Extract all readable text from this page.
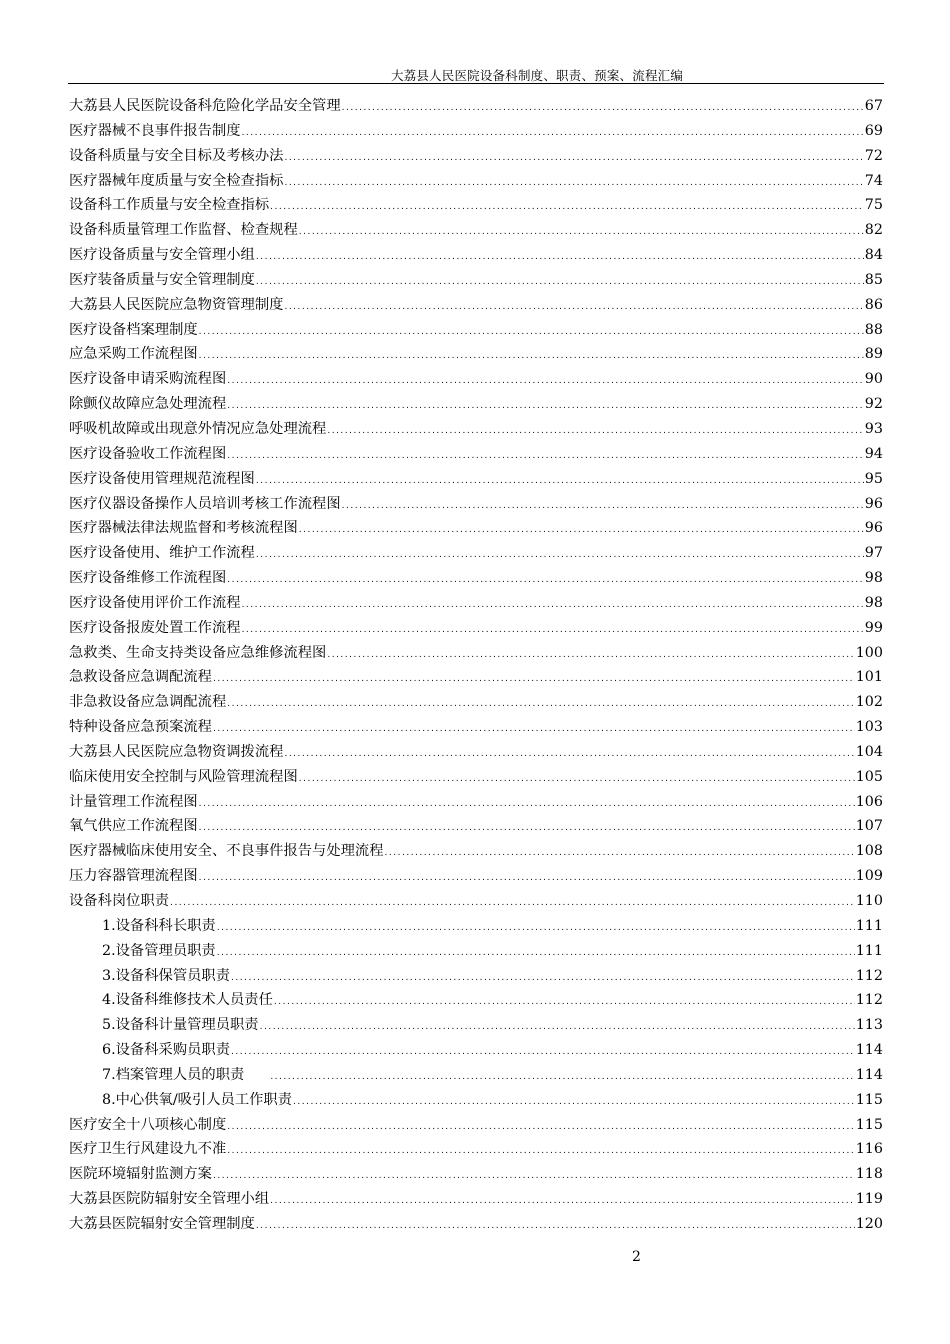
大荔县人民医院设备科制度、职责、预案、流程汇编
大荔县人民医院设备科危险化学品安全管理 .....	67
医疗器械不良事件报告制度 .....	69
设备科质量与安全目标及考核办法 .....	72
医疗器械年度质量与安全检查指标 .....	74
设备科工作质量与安全检查指标 .....	75
设备科质量管理工作监督、检查规程 .....	82
医疗设备质量与安全管理小组 .....	84
医疗装备质量与安全管理制度 .....	85
大荔县人民医院应急物资管理制度 .....	86
医疗设备档案理制度 .....	88
应急采购工作流程图 .....	89
医疗设备申请采购流程图 .....	90
除颤仪故障应急处理流程 .....	92
呼吸机故障或出现意外情况应急处理流程 .....	93
医疗设备验收工作流程图 .....	94
医疗设备使用管理规范流程图 .....	95
医疗仪器设备操作人员培训考核工作流程图 .....	96
医疗器械法律法规监督和考核流程图 .....	96
医疗设备使用、维护工作流程 .....	97
医疗设备维修工作流程图 .....	98
医疗设备使用评价工作流程 .....	98
医疗设备报废处置工作流程 .....	99
急救类、生命支持类设备应急维修流程图 .....	100
急救设备应急调配流程 .....	101
非急救设备应急调配流程 .....	102
特种设备应急预案流程 .....	103
大荔县人民医院应急物资调拨流程 .....	104
临床使用安全控制与风险管理流程图 .....	105
计量管理工作流程图 .....	106
氧气供应工作流程图 .....	107
医疗器械临床使用安全、不良事件报告与处理流程 .....	108
压力容器管理流程图 .....	109
设备科岗位职责 .....	110
1.设备科科长职责 .....	111
2.设备管理员职责 .....	111
3.设备科保管员职责 .....	112
4.设备科维修技术人员责任 .....	112
5.设备科计量管理员职责 .....	113
6.设备科采购员职责 .....	114
7.档案管理人员的职责 .....	114
8.中心供氧/吸引人员工作职责 .....	115
医疗安全十八项核心制度 .....	115
医疗卫生行风建设九不准 .....	116
医院环境辐射监测方案 .....	118
大荔县医院防辐射安全管理小组 .....	119
大荔县医院辐射安全管理制度 .....	120
2
